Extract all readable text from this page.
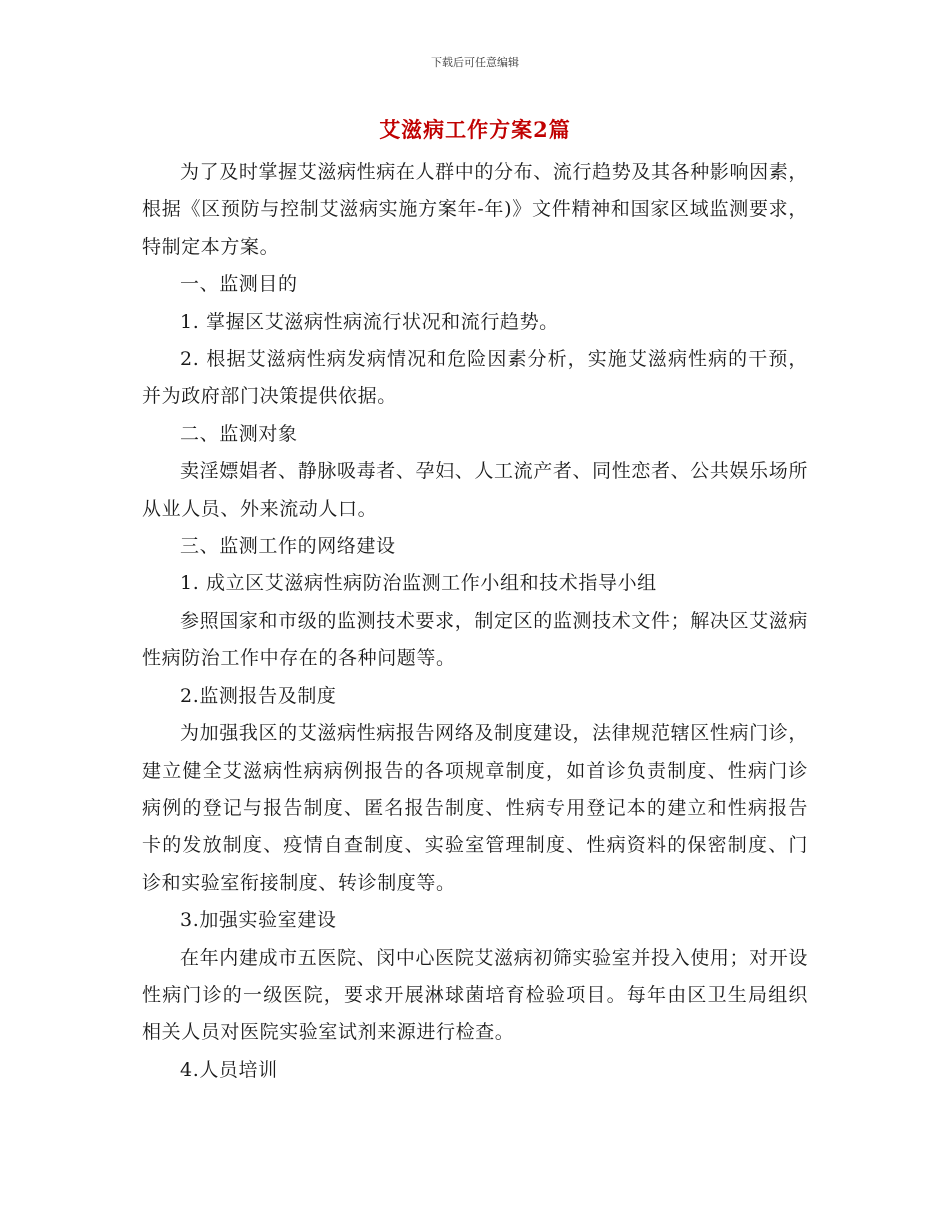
下载后可任意编辑
艾滋病工作方案2篇

为了及时掌握艾滋病性病在人群中的分布、流行趋势及其各种影响因素，根据《区预防与控制艾滋病实施方案年-年)》文件精神和国家区域监测要求，特制定本方案。

一、监测目的

1. 掌握区艾滋病性病流行状况和流行趋势。

2. 根据艾滋病性病发病情况和危险因素分析，实施艾滋病性病的干预，并为政府部门决策提供依据。

二、监测对象

卖淫嫖娼者、静脉吸毒者、孕妇、人工流产者、同性恋者、公共娱乐场所从业人员、外来流动人口。

三、监测工作的网络建设

1. 成立区艾滋病性病防治监测工作小组和技术指导小组

参照国家和市级的监测技术要求，制定区的监测技术文件；解决区艾滋病性病防治工作中存在的各种问题等。

2.监测报告及制度

为加强我区的艾滋病性病报告网络及制度建设，法律规范辖区性病门诊，建立健全艾滋病性病病例报告的各项规章制度，如首诊负责制度、性病门诊病例的登记与报告制度、匿名报告制度、性病专用登记本的建立和性病报告卡的发放制度、疫情自查制度、实验室管理制度、性病资料的保密制度、门诊和实验室衔接制度、转诊制度等。

3.加强实验室建设

在年内建成市五医院、闵中心医院艾滋病初筛实验室并投入使用；对开设性病门诊的一级医院，要求开展淋球菌培育检验项目。每年由区卫生局组织相关人员对医院实验室试剂来源进行检查。

4.人员培训
